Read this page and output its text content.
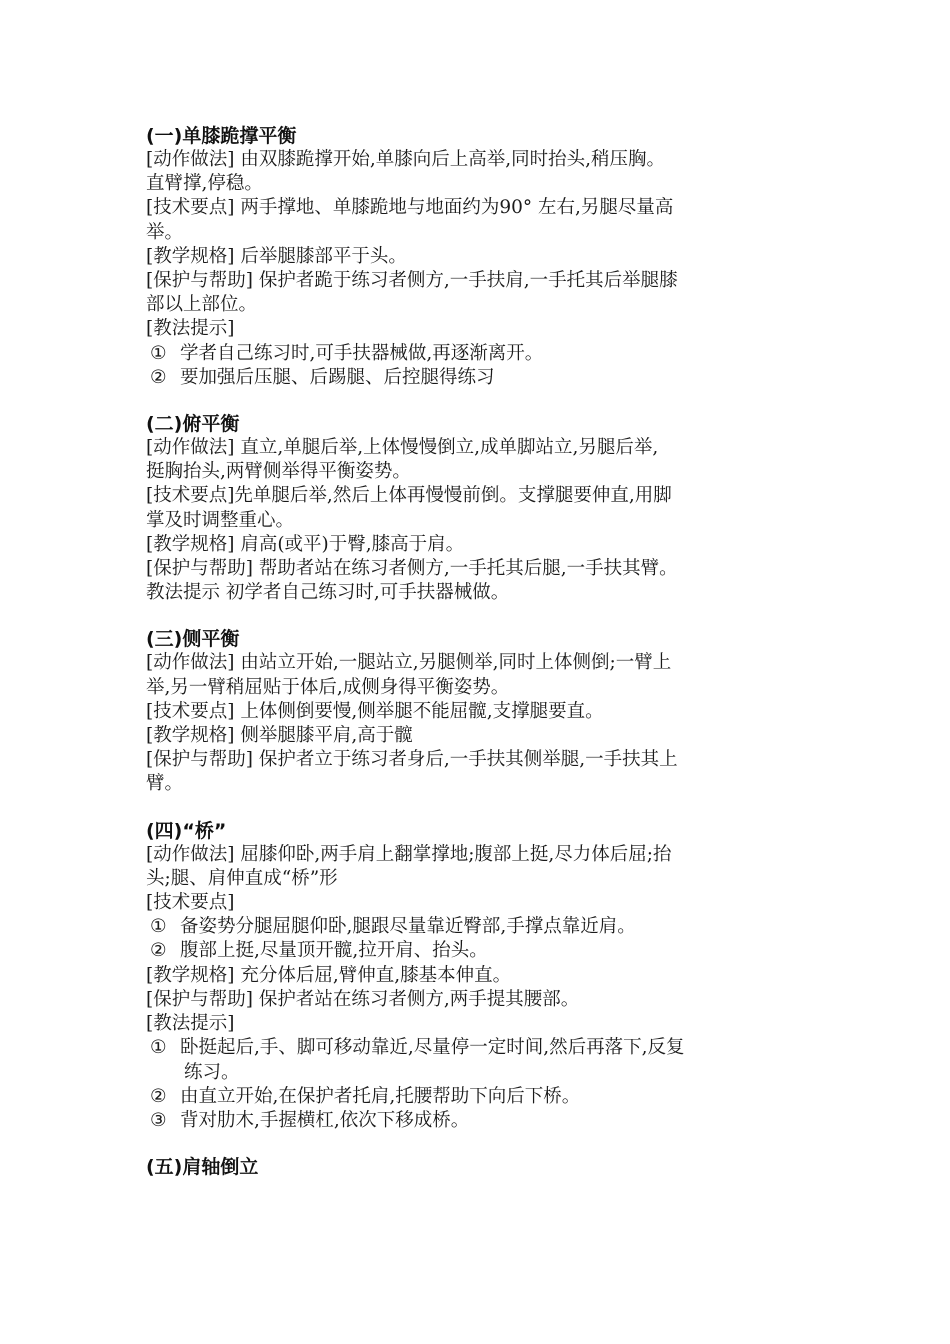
(一)单膝跪撑平衡
[动作做法] 由双膝跪撑开始,单膝向后上高举,同时抬头,稍压胸。
直臂撑,停稳。
[技术要点] 两手撑地、单膝跪地与地面约为90° 左右,另腿尽量高
举。
[教学规格] 后举腿膝部平于头。
[保护与帮助] 保护者跪于练习者侧方,一手扶肩,一手托其后举腿膝
部以上部位。
[教法提示]
① 学者自己练习时,可手扶器械做,再逐渐离开。
② 要加强后压腿、后踢腿、后控腿得练习
(二)俯平衡
[动作做法] 直立,单腿后举,上体慢慢倒立,成单脚站立,另腿后举,
挺胸抬头,两臂侧举得平衡姿势。
[技术要点]先单腿后举,然后上体再慢慢前倒。支撑腿要伸直,用脚
掌及时调整重心。
[教学规格] 肩高(或平)于臀,膝高于肩。
[保护与帮助] 帮助者站在练习者侧方,一手托其后腿,一手扶其臂。
教法提示 初学者自己练习时,可手扶器械做。
(三)侧平衡
[动作做法] 由站立开始,一腿站立,另腿侧举,同时上体侧倒;一臂上
举,另一臂稍屈贴于体后,成侧身得平衡姿势。
[技术要点] 上体侧倒要慢,侧举腿不能屈髋,支撑腿要直。
[教学规格] 侧举腿膝平肩,高于髋
[保护与帮助] 保护者立于练习者身后,一手扶其侧举腿,一手扶其上
臂。
(四)“桥”
[动作做法] 屈膝仰卧,两手肩上翻掌撑地;腹部上挺,尽力体后屈;抬
头;腿、肩伸直成“桥”形
[技术要点]
① 备姿势分腿屈腿仰卧,腿跟尽量靠近臀部,手撑点靠近肩。
② 腹部上挺,尽量顶开髋,拉开肩、抬头。
[教学规格] 充分体后屈,臂伸直,膝基本伸直。
[保护与帮助] 保护者站在练习者侧方,两手提其腰部。
[教法提示]
① 卧挺起后,手、脚可移动靠近,尽量停一定时间,然后再落下,反复
练习。
② 由直立开始,在保护者托肩,托腰帮助下向后下桥。
③ 背对肋木,手握横杠,依次下移成桥。
(五)肩轴倒立
